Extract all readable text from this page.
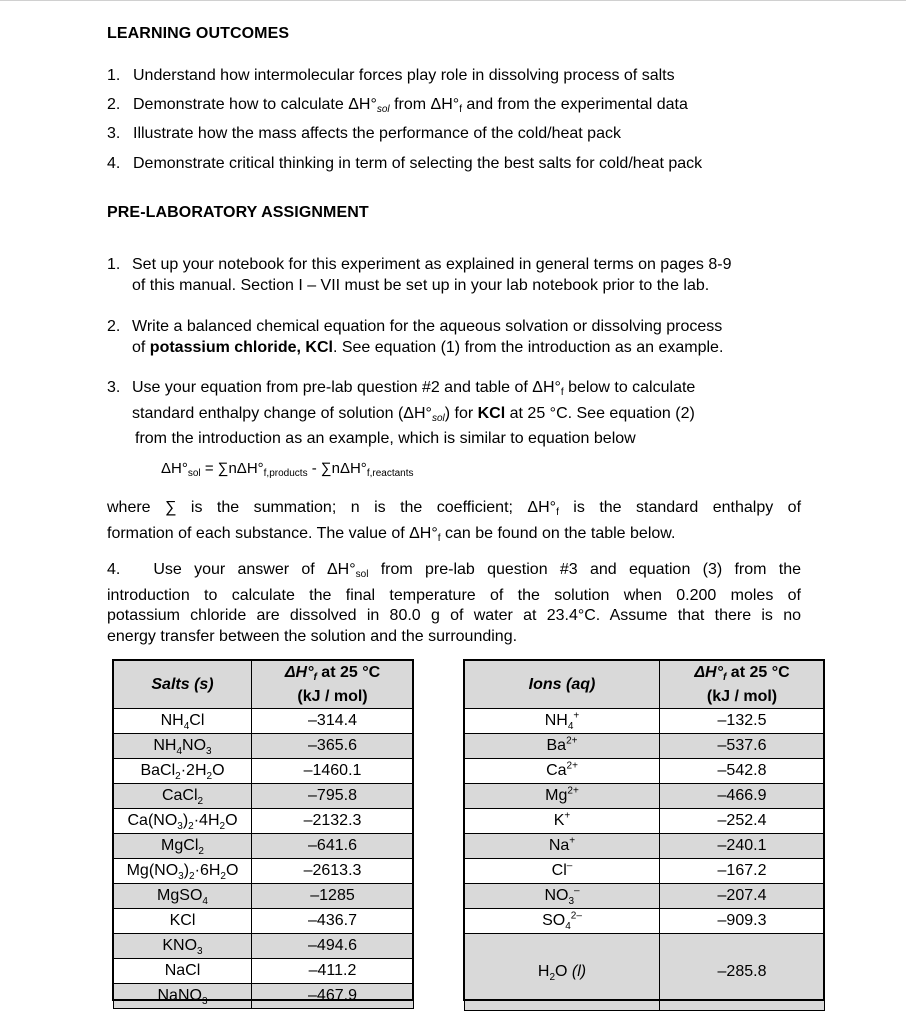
LEARNING OUTCOMES
1. Understand how intermolecular forces play role in dissolving process of salts
2. Demonstrate how to calculate $\Delta H^\circ_{sol}$ from $\Delta H^\circ_f$ and from the experimental data
3. Illustrate how the mass affects the performance of the cold/heat pack
4. Demonstrate critical thinking in term of selecting the best salts for cold/heat pack
PRE-LABORATORY ASSIGNMENT
1. Set up your notebook for this experiment as explained in general terms on pages 8-9
of this manual. Section I – VII must be set up in your lab notebook prior to the lab.
2. Write a balanced chemical equation for the aqueous solvation or dissolving process
of potassium chloride, KCl. See equation (1) from the introduction as an example.
3. Use your equation from pre-lab question #2 and table of $\Delta H^\circ_f$ below to calculate
standard enthalpy change of solution $(\Delta H^\circ_{sol})$ for KCl at 25 °C. See equation (2)
from the introduction as an example, which is similar to equation below
$\Delta H^\circ_{sol} = \sum n\Delta H^\circ_{f,products} - \sum n\Delta H^\circ_{f,reactants}$
where ∑ is the summation; n is the coefficient; $\Delta H^\circ_f$ is the standard enthalpy of
formation of each substance. The value of $\Delta H^\circ_f$ can be found on the table below.
4. Use your answer of $\Delta H^\circ_{sol}$ from pre-lab question #3 and equation (3) from the
introduction to calculate the final temperature of the solution when 0.200 moles of
potassium chloride are dissolved in 80.0 g of water at 23.4°C. Assume that there is no
energy transfer between the solution and the surrounding.
Salts (s)	$\Delta H^\circ_f$ at 25 °C
(kJ / mol)
$NH_4Cl$	–314.4
$NH_4NO_3$	–365.6
$BaCl_2\cdot 2H_2O$	–1460.1
CaCl$_2$	–795.8
$Ca(NO_3)_2\cdot 4H_2O$	–2132.3
MgCl$_2$	–641.6
$Mg(NO_3)_2\cdot 6H_2O$	–2613.3
MgSO$_4$	–1285
KCl	–436.7
$KNO_3$	–494.6
NaCl	–411.2
NaNO$_3$	–467.9
Ions (aq)	$\Delta H^\circ_f$ at 25 °C
(kJ / mol)
$NH_4^+$	–132.5
$Ba^{2+}$	–537.6
$Ca^{2+}$	–542.8
$Mg^{2+}$	–466.9
K+	–252.4
Na+	–240.1
Cl–	–167.2
$NO_3^-$	–207.4
$SO_4^{2-}$	–909.3
$H_2O$ (l)	–285.8
